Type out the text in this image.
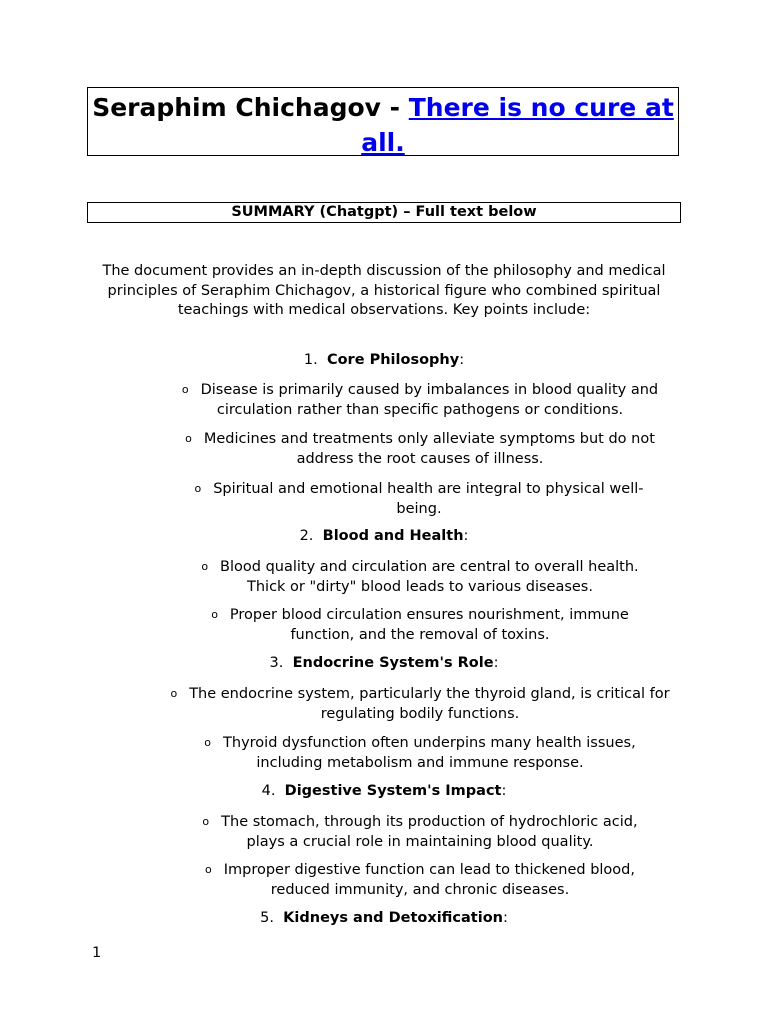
Seraphim Chichagov - There is no cure at all.
SUMMARY (Chatgpt) – Full text below
The document provides an in-depth discussion of the philosophy and medical principles of Seraphim Chichagov, a historical figure who combined spiritual teachings with medical observations. Key points include:
1. Core Philosophy:
o Disease is primarily caused by imbalances in blood quality and circulation rather than specific pathogens or conditions.
o Medicines and treatments only alleviate symptoms but do not address the root causes of illness.
o Spiritual and emotional health are integral to physical well-being.
2. Blood and Health:
o Blood quality and circulation are central to overall health. Thick or "dirty" blood leads to various diseases.
o Proper blood circulation ensures nourishment, immune function, and the removal of toxins.
3. Endocrine System's Role:
o The endocrine system, particularly the thyroid gland, is critical for regulating bodily functions.
o Thyroid dysfunction often underpins many health issues, including metabolism and immune response.
4. Digestive System's Impact:
o The stomach, through its production of hydrochloric acid, plays a crucial role in maintaining blood quality.
o Improper digestive function can lead to thickened blood, reduced immunity, and chronic diseases.
5. Kidneys and Detoxification:
1
